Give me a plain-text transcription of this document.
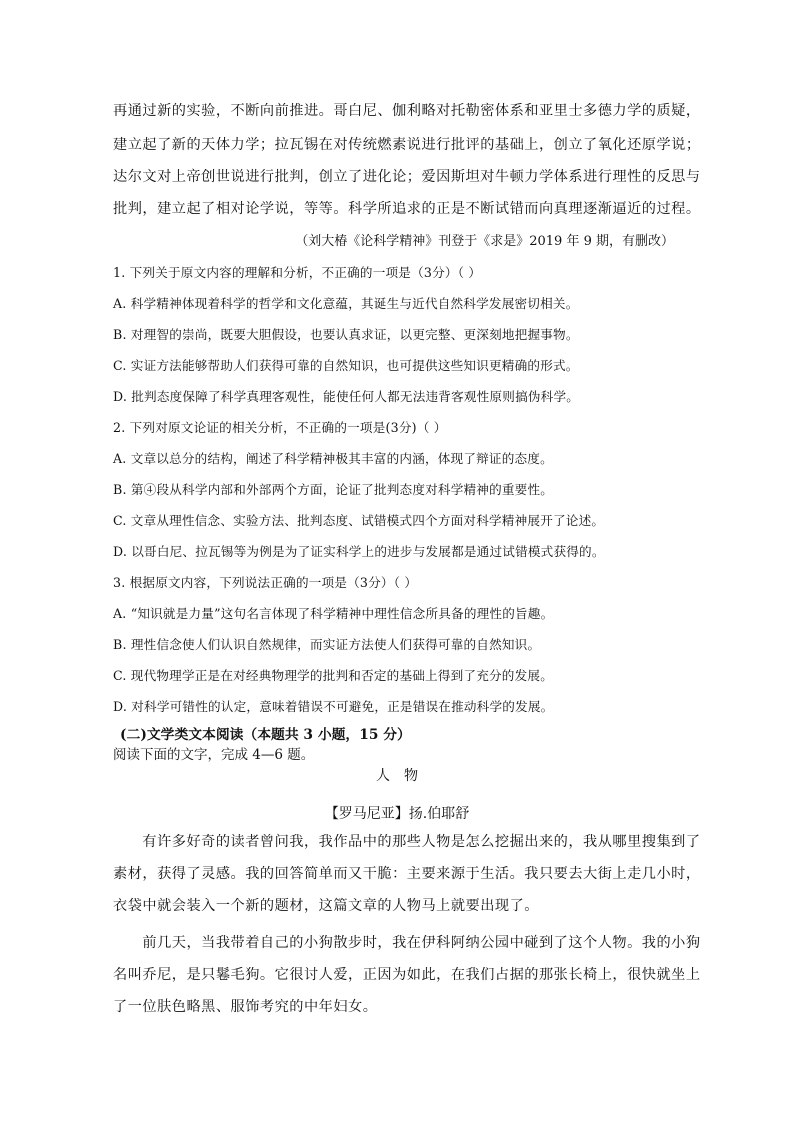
再通过新的实验，不断向前推进。哥白尼、伽利略对托勒密体系和亚里士多德力学的质疑，
建立起了新的天体力学；拉瓦锡在对传统燃素说进行批评的基础上，创立了氧化还原学说；
达尔文对上帝创世说进行批判，创立了进化论；爱因斯坦对牛顿力学体系进行理性的反思与
批判，建立起了相对论学说，等等。科学所追求的正是不断试错而向真理逐渐逼近的过程。
（刘大椿《论科学精神》刊登于《求是》2019 年 9 期，有删改）
1. 下列关于原文内容的理解和分析，不正确的一项是（3分）（ ）
A. 科学精神体现着科学的哲学和文化意蕴，其诞生与近代自然科学发展密切相关。
B. 对理智的崇尚，既要大胆假设，也要认真求证，以更完整、更深刻地把握事物。
C. 实证方法能够帮助人们获得可靠的自然知识，也可提供这些知识更精确的形式。
D. 批判态度保障了科学真理客观性，能使任何人都无法违背客观性原则搞伪科学。
2. 下列对原文论证的相关分析，不正确的一项是(3分)（ ）
A. 文章以总分的结构，阐述了科学精神极其丰富的内涵，体现了辩证的态度。
B. 第④段从科学内部和外部两个方面，论证了批判态度对科学精神的重要性。
C. 文章从理性信念、实验方法、批判态度、试错模式四个方面对科学精神展开了论述。
D. 以哥白尼、拉瓦锡等为例是为了证实科学上的进步与发展都是通过试错模式获得的。
3. 根据原文内容，下列说法正确的一项是（3分）（ ）
A. “知识就是力量”这句名言体现了科学精神中理性信念所具备的理性的旨趣。
B. 理性信念使人们认识自然规律，而实证方法使人们获得可靠的自然知识。
C. 现代物理学正是在对经典物理学的批判和否定的基础上得到了充分的发展。
D. 对科学可错性的认定，意味着错误不可避免，正是错误在推动科学的发展。
(二)文学类文本阅读（本题共 3 小题，15 分）
阅读下面的文字，完成 4—6 题。
人　物
【罗马尼亚】扬.伯耶舒
　　有许多好奇的读者曾问我，我作品中的那些人物是怎么挖掘出来的，我从哪里搜集到了
素材，获得了灵感。我的回答简单而又干脆：主要来源于生活。我只要去大街上走几小时，
衣袋中就会装入一个新的题材，这篇文章的人物马上就要出现了。
　　前几天，当我带着自己的小狗散步时，我在伊科阿纳公园中碰到了这个人物。我的小狗
名叫乔尼，是只鬈毛狗。它很讨人爱，正因为如此，在我们占据的那张长椅上，很快就坐上
了一位肤色略黑、服饰考究的中年妇女。
